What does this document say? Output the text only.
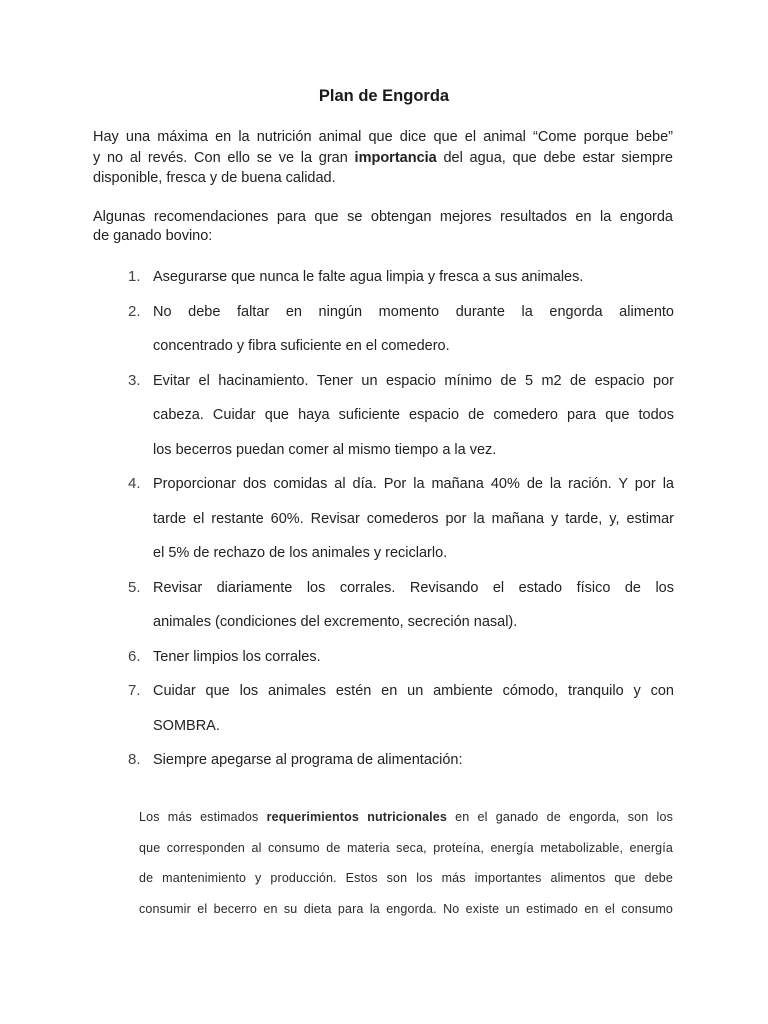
Plan de Engorda
Hay una máxima en la nutrición animal que dice que el animal “Come porque bebe”
y no al revés. Con ello se ve la gran importancia del agua, que debe estar siempre
disponible, fresca y de buena calidad.
Algunas recomendaciones para que se obtengan mejores resultados en la engorda
de ganado bovino:
1. Asegurarse que nunca le falte agua limpia y fresca a sus animales.
2. No debe faltar en ningún momento durante la engorda alimento
concentrado y fibra suficiente en el comedero.
3. Evitar el hacinamiento. Tener un espacio mínimo de 5 m2 de espacio por
cabeza. Cuidar que haya suficiente espacio de comedero para que todos
los becerros puedan comer al mismo tiempo a la vez.
4. Proporcionar dos comidas al día. Por la mañana 40% de la ración. Y por la
tarde el restante 60%. Revisar comederos por la mañana y tarde, y, estimar
el 5% de rechazo de los animales y reciclarlo.
5. Revisar diariamente los corrales. Revisando el estado físico de los
animales (condiciones del excremento, secreción nasal).
6. Tener limpios los corrales.
7. Cuidar que los animales estén en un ambiente cómodo, tranquilo y con
SOMBRA.
8. Siempre apegarse al programa de alimentación:
Los más estimados requerimientos nutricionales en el ganado de engorda, son los
que corresponden al consumo de materia seca, proteína, energía metabolizable, energía
de mantenimiento y producción. Estos son los más importantes alimentos que debe
consumir el becerro en su dieta para la engorda. No existe un estimado en el consumo
